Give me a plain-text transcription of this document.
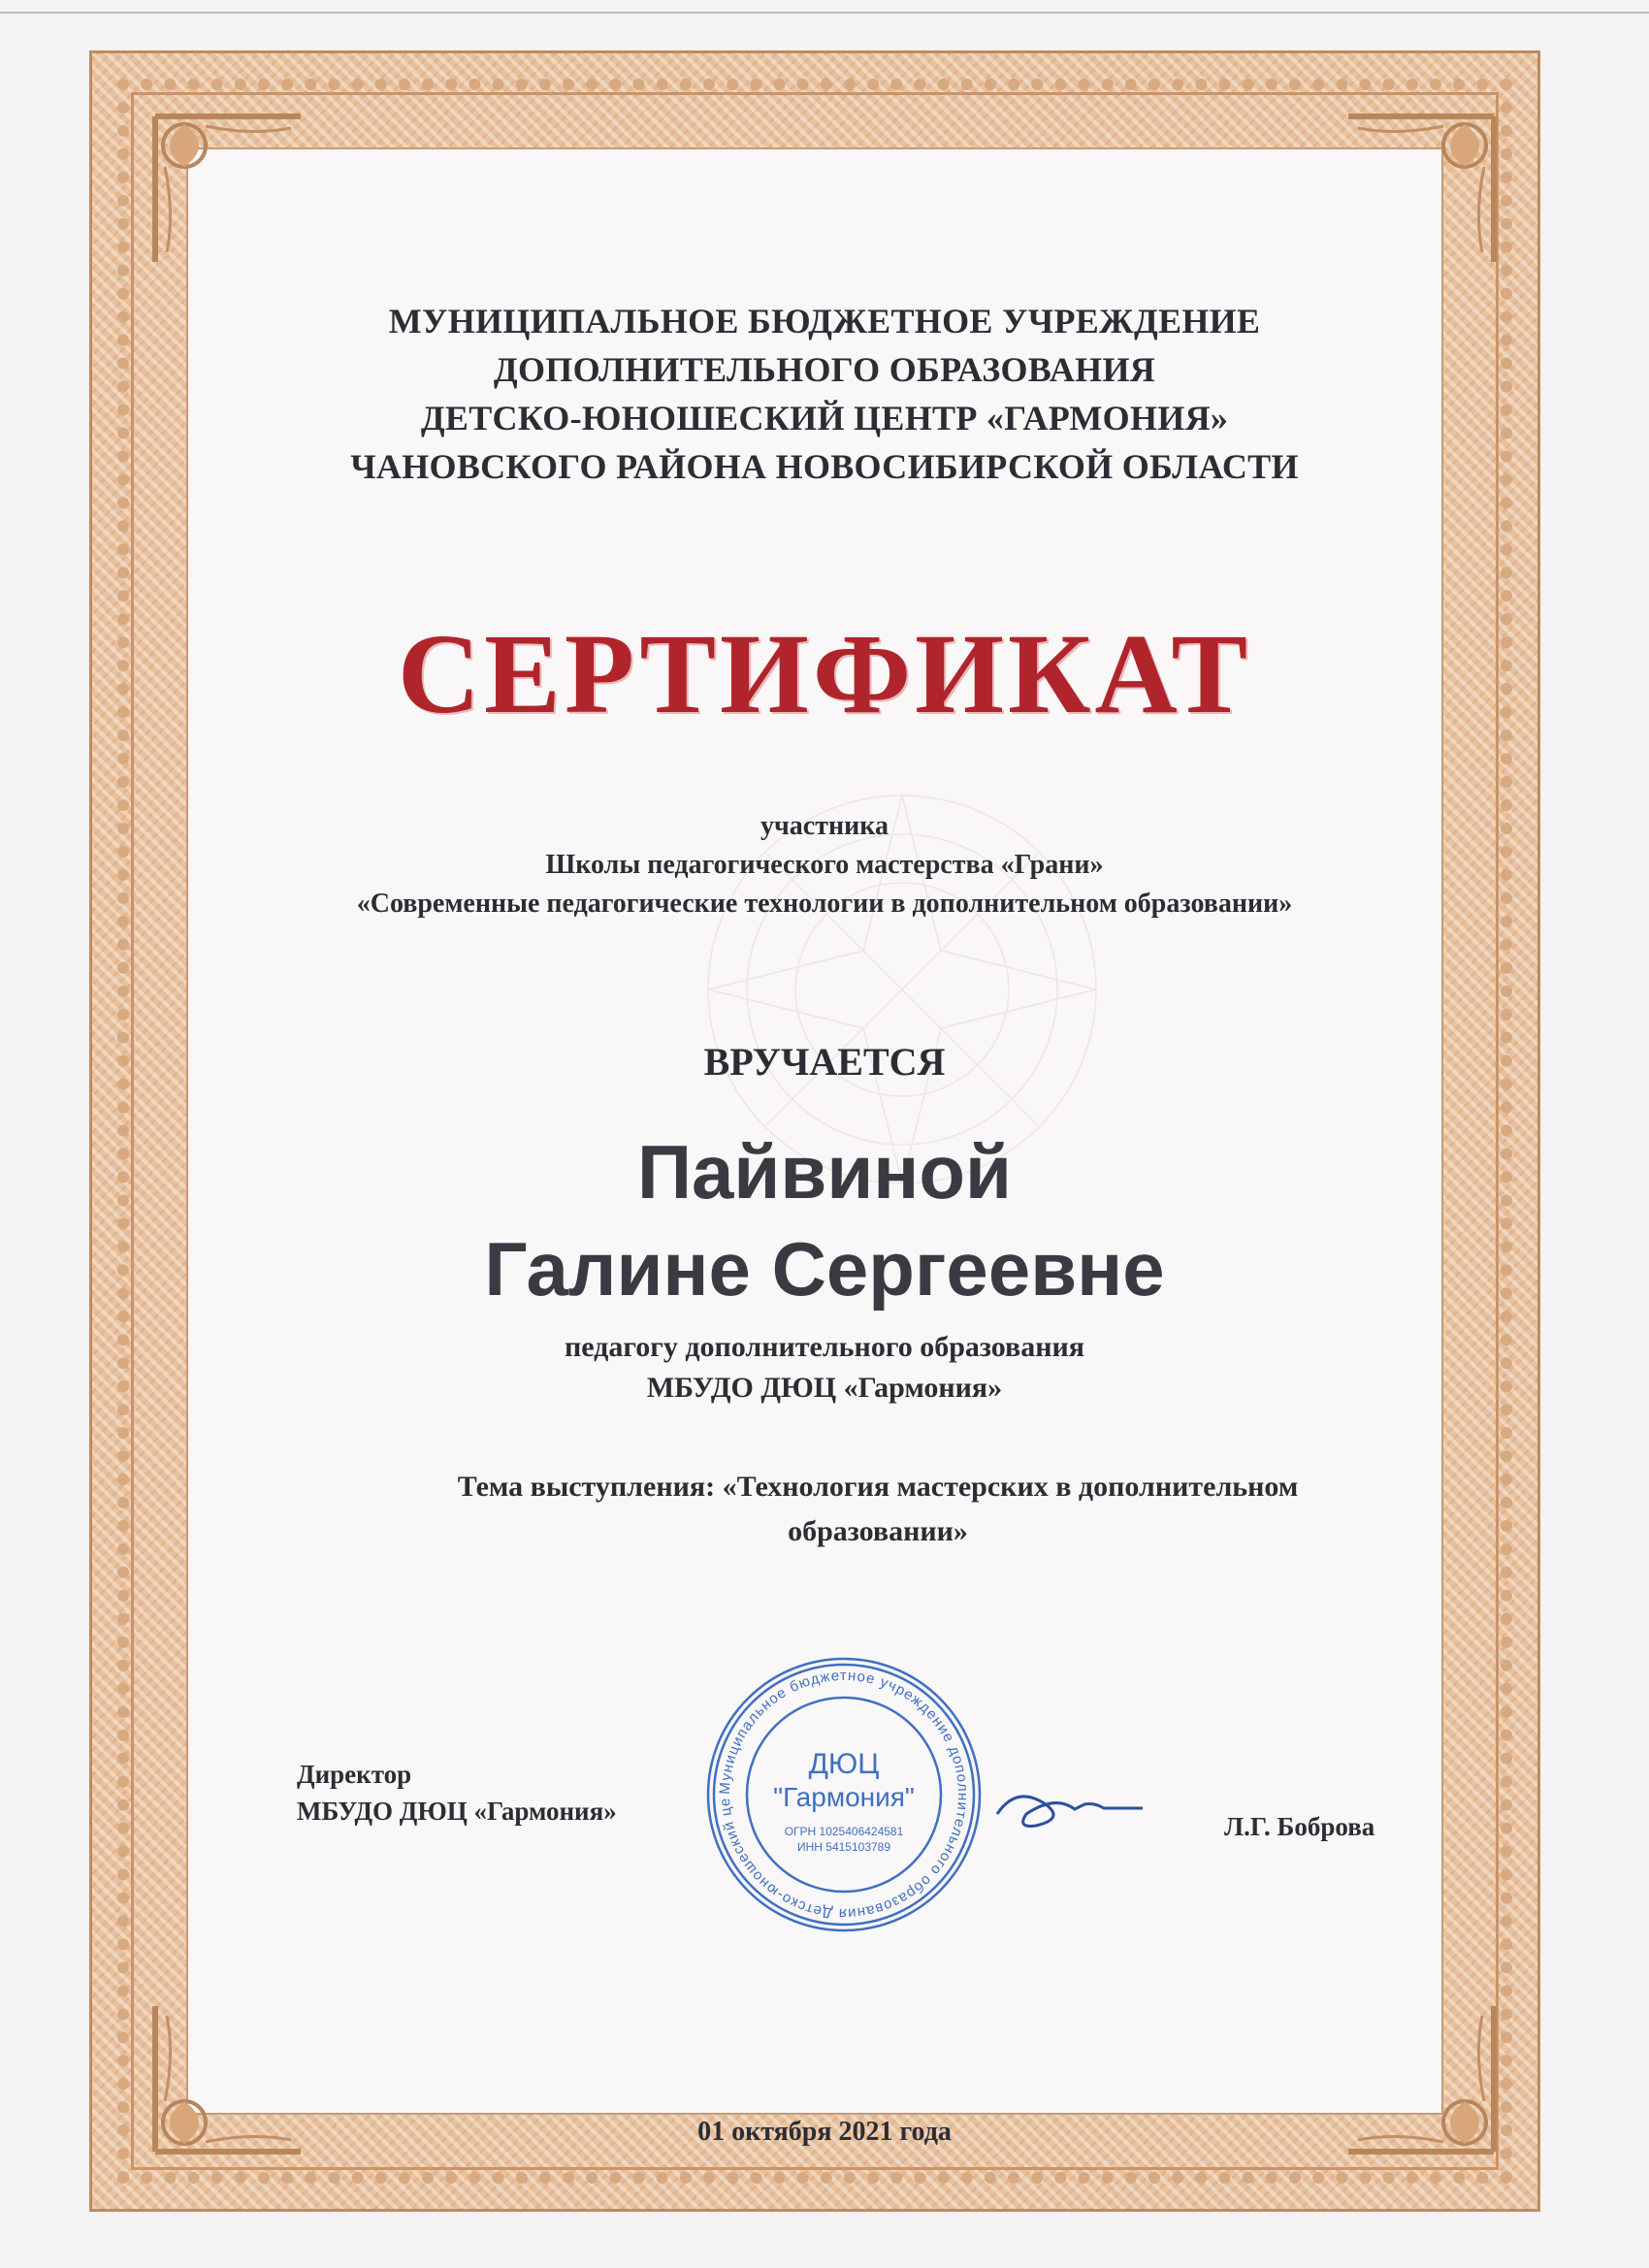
МУНИЦИПАЛЬНОЕ БЮДЖЕТНОЕ УЧРЕЖДЕНИЕ
ДОПОЛНИТЕЛЬНОГО ОБРАЗОВАНИЯ
ДЕТСКО-ЮНОШЕСКИЙ ЦЕНТР «ГАРМОНИЯ»
ЧАНОВСКОГО РАЙОНА НОВОСИБИРСКОЙ ОБЛАСТИ
СЕРТИФИКАТ
участника
Школы педагогического мастерства «Грани»
«Современные педагогические технологии в дополнительном образовании»
ВРУЧАЕТСЯ
Пайвиной
Галине Сергеевне
педагогу дополнительного образования
МБУДО ДЮЦ «Гармония»
Тема выступления: «Технология мастерских в дополнительном
образовании»
Директор
МБУДО ДЮЦ «Гармония»
Муниципальное бюджетное учреждение дополнительного образования Детско-юношеский це
ДЮЦ
"Гармония"
ОГРН 1025406424581
ИНН 5415103789
Л.Г. Боброва
01 октября 2021 года
